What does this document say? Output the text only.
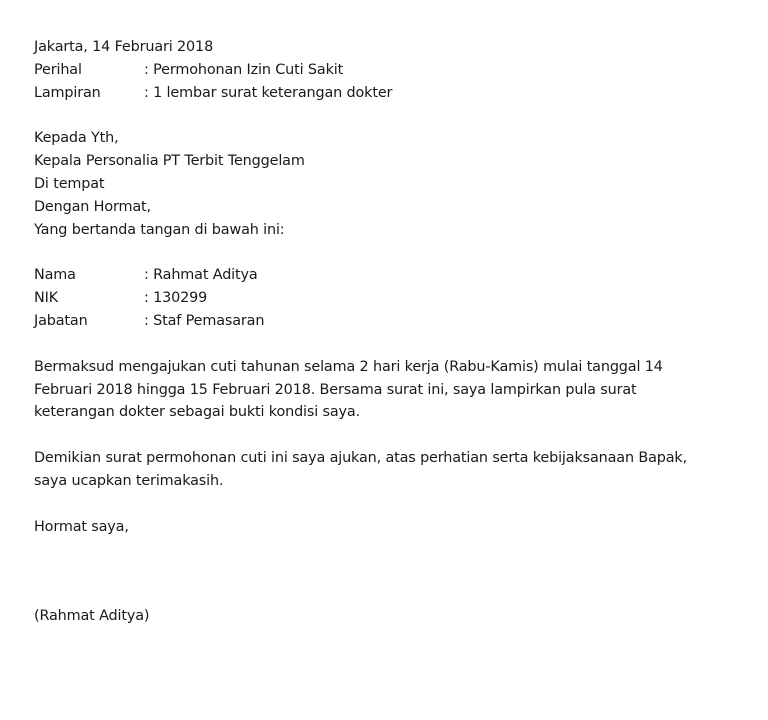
Jakarta, 14 Februari 2018
Perihal	: Permohonan Izin Cuti Sakit
Lampiran	: 1 lembar surat keterangan dokter
Kepada Yth,
Kepala Personalia PT Terbit Tenggelam
Di tempat
Dengan Hormat,
Yang bertanda tangan di bawah ini:
Nama	: Rahmat Aditya
NIK	: 130299
Jabatan	: Staf Pemasaran
Bermaksud mengajukan cuti tahunan selama 2 hari kerja (Rabu-Kamis) mulai tanggal 14
Februari 2018 hingga 15 Februari 2018. Bersama surat ini, saya lampirkan pula surat
keterangan dokter sebagai bukti kondisi saya.
Demikian surat permohonan cuti ini saya ajukan, atas perhatian serta kebijaksanaan Bapak,
saya ucapkan terimakasih.
Hormat saya,
(Rahmat Aditya)
